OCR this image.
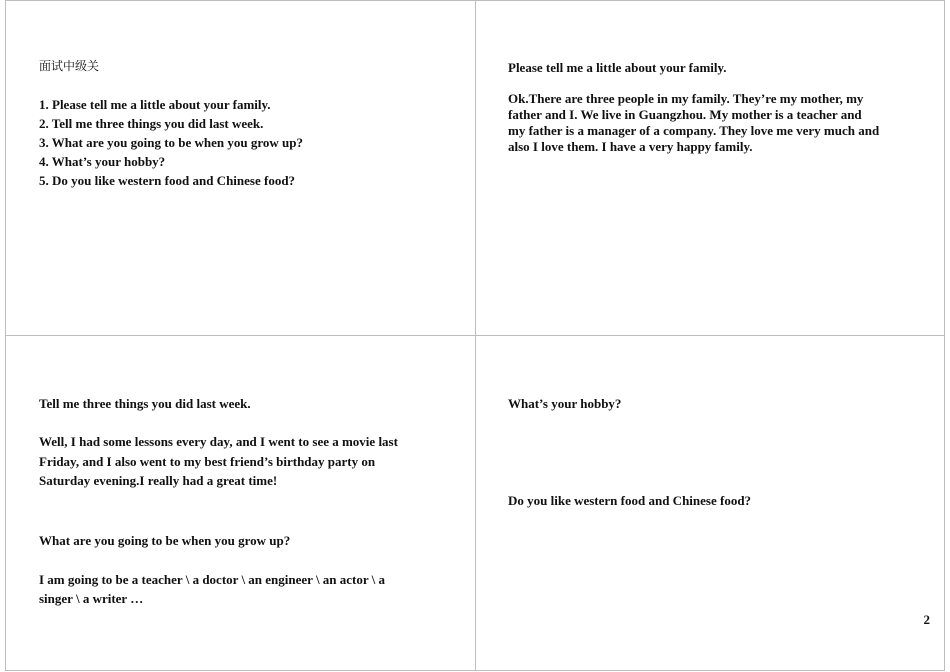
面试中级关
1. Please tell me a little about your family.
2. Tell me three things you did last week.
3. What are you going to be when you grow up?
4. What’s your hobby?
5. Do you like western food and Chinese food?
Please tell me a little about your family.
Ok.There are three people in my family. They’re my mother, my
father and I. We live in Guangzhou. My mother is a teacher and
my father is a manager of a company. They love me very much and
also I love them. I have a very happy family.
Tell me three things you did last week.
Well, I had some lessons every day, and I went to see a movie last
Friday, and I also went to my best friend’s birthday party on
Saturday evening.I really had a great time!
What are you going to be when you grow up?
I am going to be a teacher \ a doctor \ an engineer \ an actor \ a
singer \ a writer …
What’s your hobby?
Do you like western food and Chinese food?
2
